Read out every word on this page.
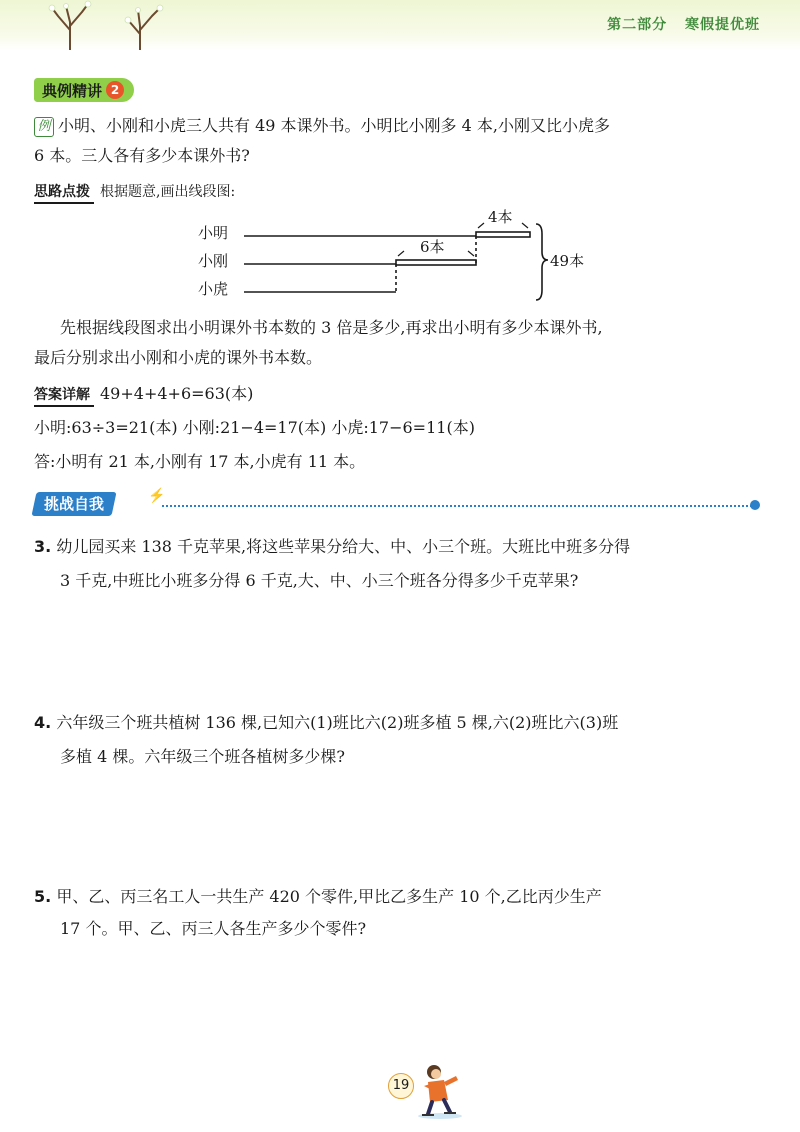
第二部分 寒假提优班
典例精讲 2
例 小明、小刚和小虎三人共有 49 本课外书。小明比小刚多 4 本,小刚又比小虎多
6 本。三人各有多少本课外书?
思路点拨 根据题意,画出线段图:
小明
小刚
小虎
4本
6本
49本
先根据线段图求出小明课外书本数的 3 倍是多少,再求出小明有多少本课外书,
最后分别求出小刚和小虎的课外书本数。
答案详解 49+4+4+6=63(本)
小明:63÷3=21(本) 小刚:21−4=17(本) 小虎:17−6=11(本)
答:小明有 21 本,小刚有 17 本,小虎有 11 本。
挑战自我	⚡
3. 幼儿园买来 138 千克苹果,将这些苹果分给大、中、小三个班。大班比中班多分得
3 千克,中班比小班多分得 6 千克,大、中、小三个班各分得多少千克苹果?
4. 六年级三个班共植树 136 棵,已知六(1)班比六(2)班多植 5 棵,六(2)班比六(3)班
多植 4 棵。六年级三个班各植树多少棵?
5. 甲、乙、丙三名工人一共生产 420 个零件,甲比乙多生产 10 个,乙比丙少生产
17 个。甲、乙、丙三人各生产多少个零件?
19
